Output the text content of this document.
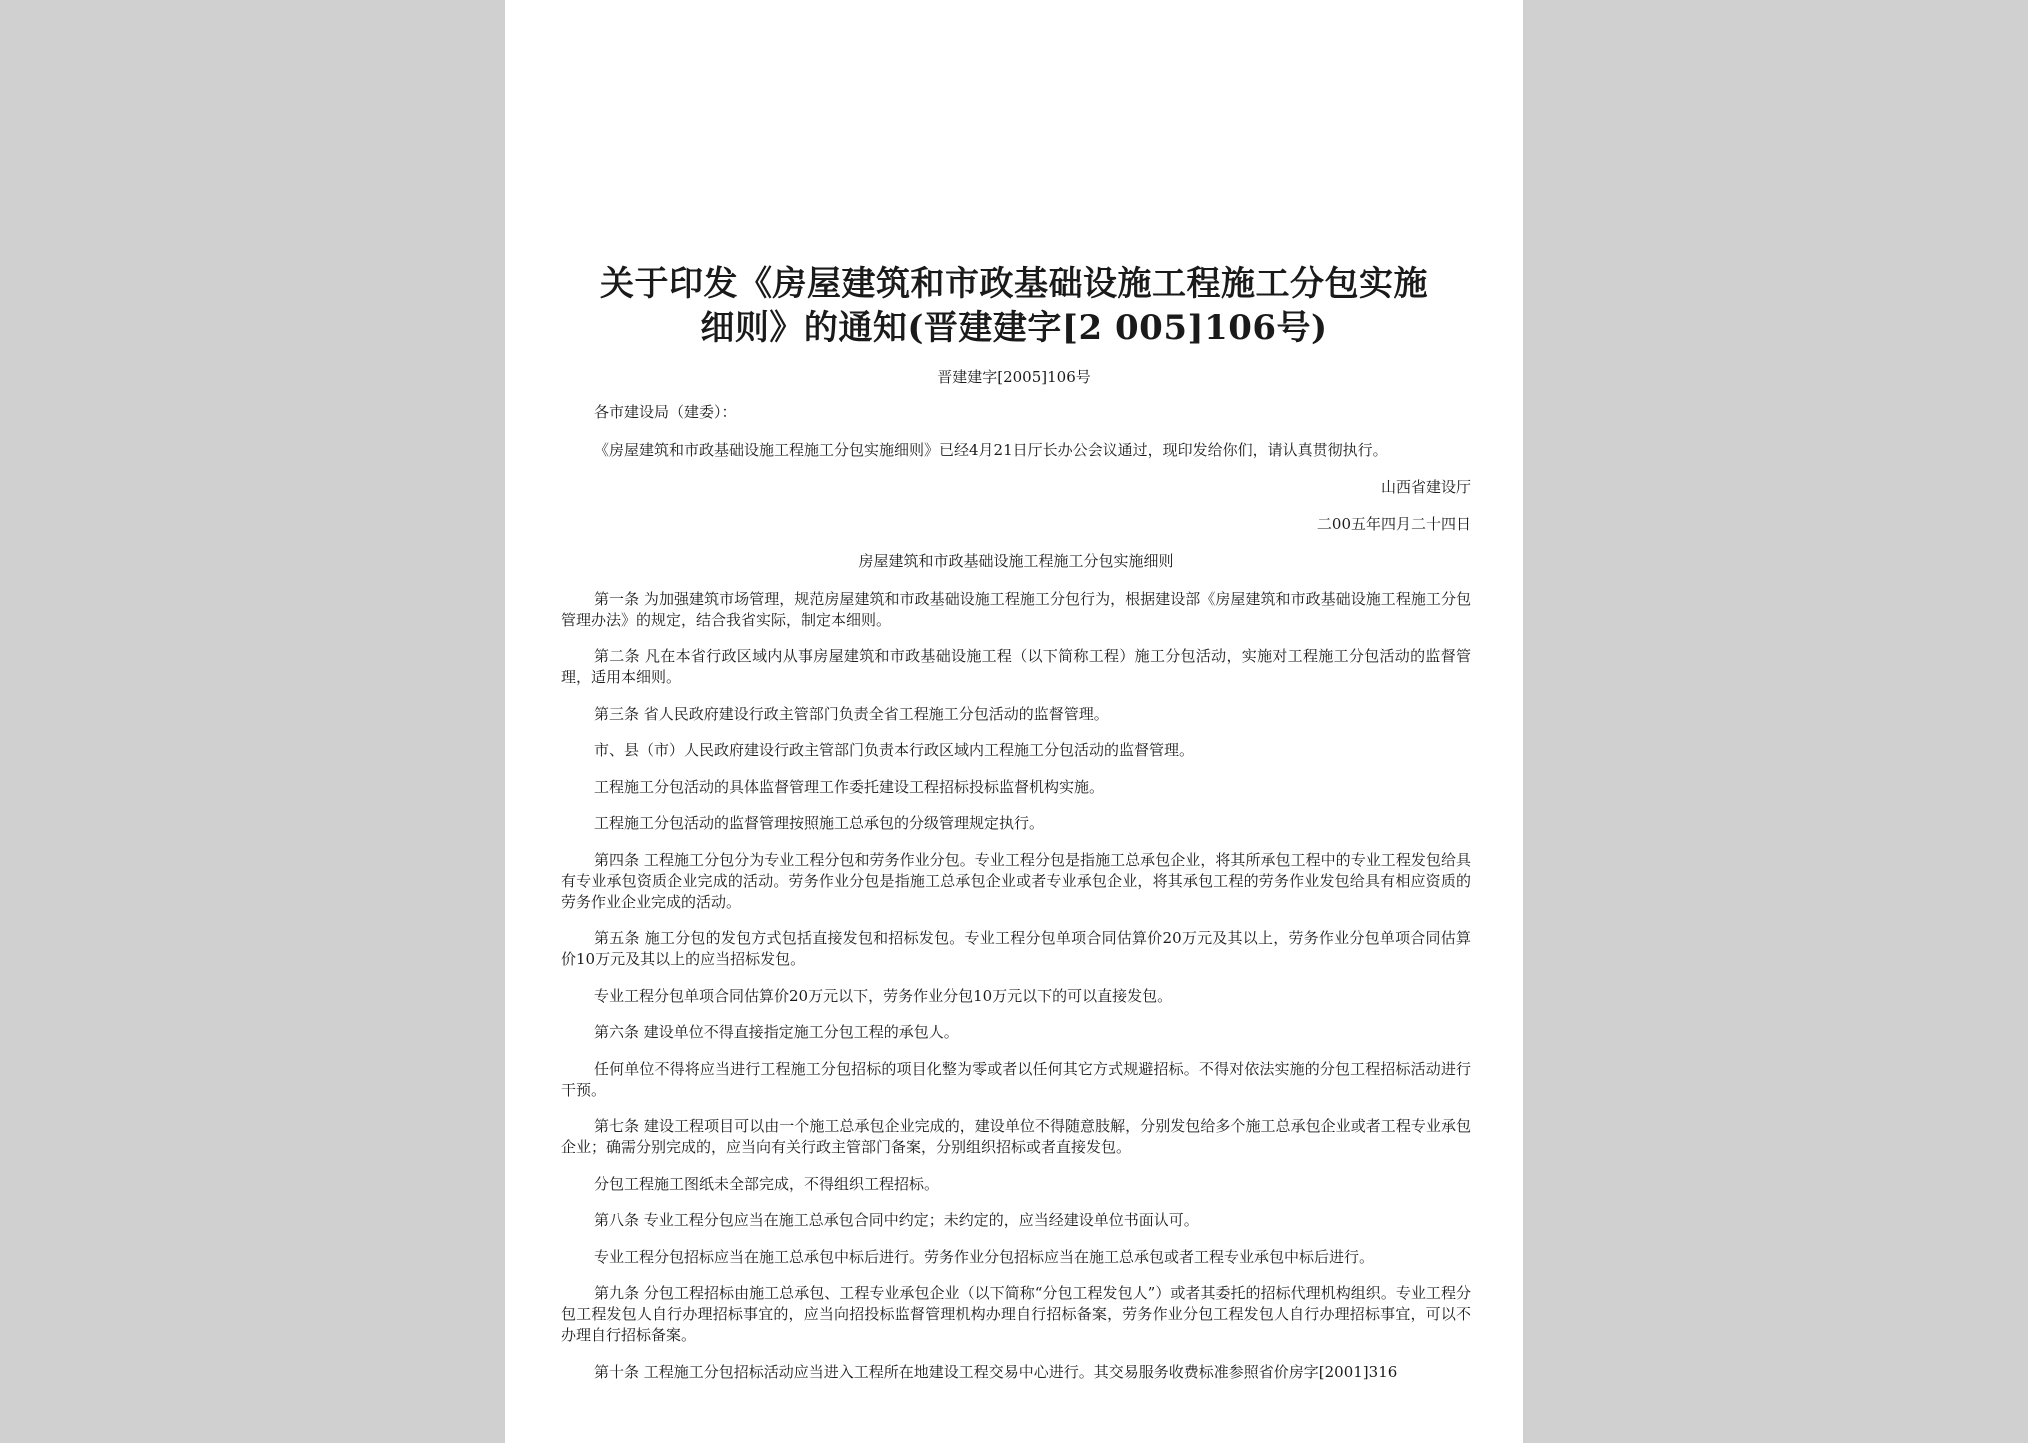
关于印发《房屋建筑和市政基础设施工程施工分包实施
细则》的通知(晋建建字[2 005]106号)

晋建建字[2005]106号

各市建设局（建委）：

《房屋建筑和市政基础设施工程施工分包实施细则》已经4月21日厅长办公会议通过，现印发给你们，请认真贯彻执行。

山西省建设厅

二00五年四月二十四日

房屋建筑和市政基础设施工程施工分包实施细则

第一条 为加强建筑市场管理，规范房屋建筑和市政基础设施工程施工分包行为，根据建设部《房屋建筑和市政基础设施工程施工分包管理办法》的规定，结合我省实际，制定本细则。

第二条 凡在本省行政区域内从事房屋建筑和市政基础设施工程（以下简称工程）施工分包活动，实施对工程施工分包活动的监督管理，适用本细则。

第三条 省人民政府建设行政主管部门负责全省工程施工分包活动的监督管理。

市、县（市）人民政府建设行政主管部门负责本行政区域内工程施工分包活动的监督管理。

工程施工分包活动的具体监督管理工作委托建设工程招标投标监督机构实施。

工程施工分包活动的监督管理按照施工总承包的分级管理规定执行。

第四条 工程施工分包分为专业工程分包和劳务作业分包。专业工程分包是指施工总承包企业，将其所承包工程中的专业工程发包给具有专业承包资质企业完成的活动。劳务作业分包是指施工总承包企业或者专业承包企业，将其承包工程的劳务作业发包给具有相应资质的劳务作业企业完成的活动。

第五条 施工分包的发包方式包括直接发包和招标发包。专业工程分包单项合同估算价20万元及其以上，劳务作业分包单项合同估算价10万元及其以上的应当招标发包。

专业工程分包单项合同估算价20万元以下，劳务作业分包10万元以下的可以直接发包。

第六条 建设单位不得直接指定施工分包工程的承包人。

任何单位不得将应当进行工程施工分包招标的项目化整为零或者以任何其它方式规避招标。不得对依法实施的分包工程招标活动进行干预。

第七条 建设工程项目可以由一个施工总承包企业完成的，建设单位不得随意肢解，分别发包给多个施工总承包企业或者工程专业承包企业；确需分别完成的，应当向有关行政主管部门备案，分别组织招标或者直接发包。

分包工程施工图纸未全部完成，不得组织工程招标。

第八条 专业工程分包应当在施工总承包合同中约定；未约定的，应当经建设单位书面认可。

专业工程分包招标应当在施工总承包中标后进行。劳务作业分包招标应当在施工总承包或者工程专业承包中标后进行。

第九条 分包工程招标由施工总承包、工程专业承包企业（以下简称“分包工程发包人”）或者其委托的招标代理机构组织。专业工程分包工程发包人自行办理招标事宜的，应当向招投标监督管理机构办理自行招标备案，劳务作业分包工程发包人自行办理招标事宜，可以不办理自行招标备案。

第十条 工程施工分包招标活动应当进入工程所在地建设工程交易中心进行。其交易服务收费标准参照省价房字[2001]316
